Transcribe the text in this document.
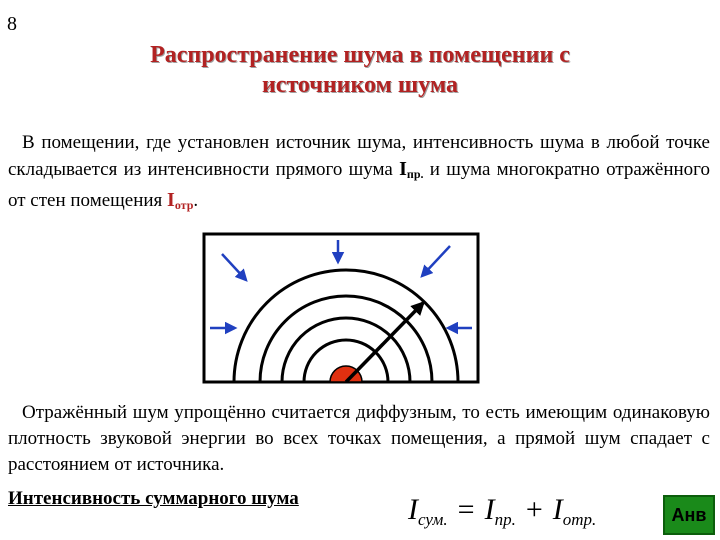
8
Распространение шума в помещении с
источником шума
В помещении, где установлен источник шума, интенсивность шума в любой точке складывается из интенсивности прямого шума $I_{пр.}$ и шума многократно отражённого от стен помещения $I_{отр}$.
Отражённый шум упрощённо считается диффузным, то есть имеющим одинаковую плотность звуковой энергии во всех точках помещения, а прямой шум спадает с расстоянием от источника.
Интенсивность суммарного шума	$I_{сум.} = I_{пр.} + I_{отр.}$	Анв
